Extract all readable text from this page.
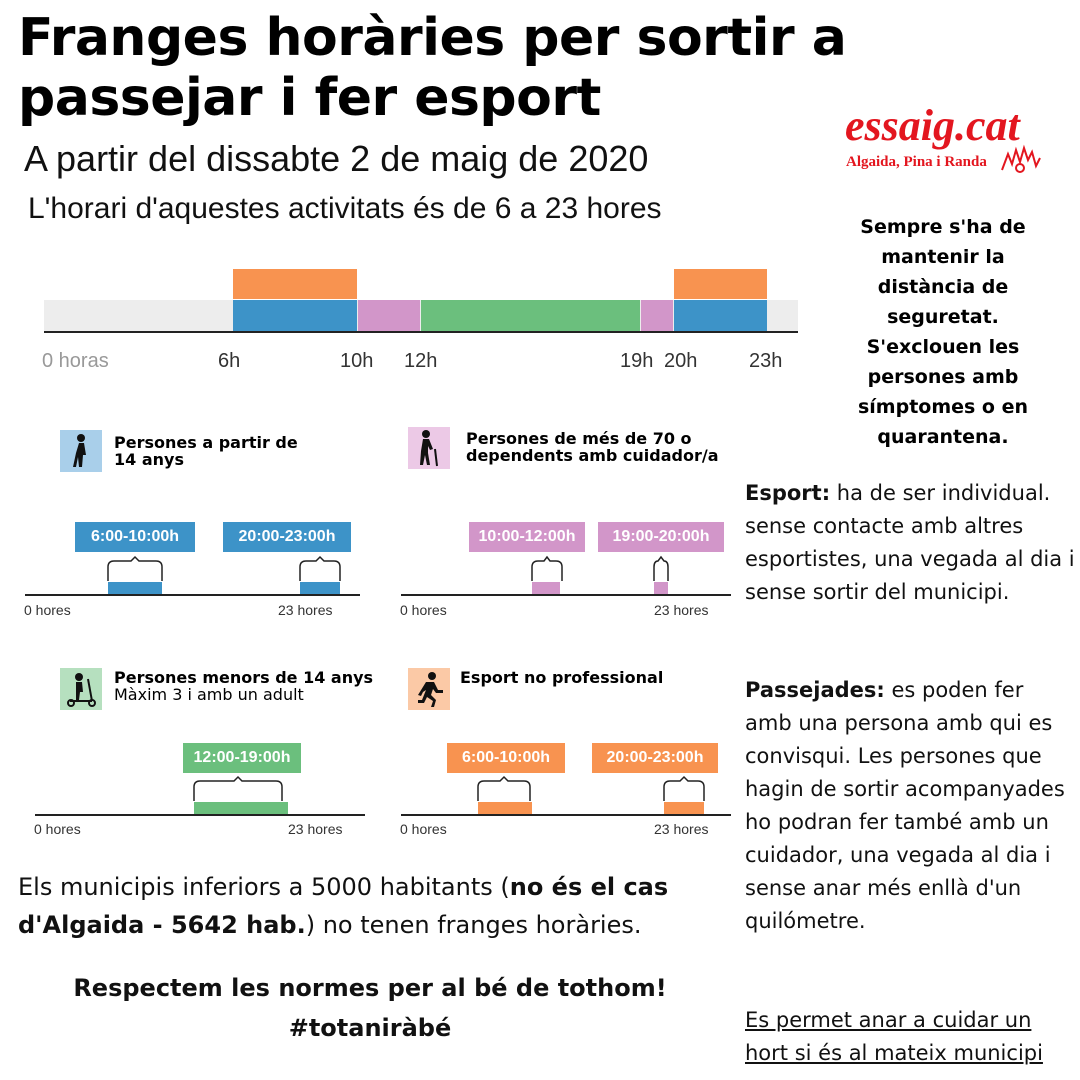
Franges horàries per sortir a
passejar i fer esport
A partir del dissabte 2 de maig de 2020
L'horari d'aquestes activitats és de 6 a 23 hores
essaig.cat
Algaida, Pina i Randa
0 horas	6h	10h 12h	19h 20h	23h
Sempre s'ha de
mantenir la
distància de
seguretat.
S'exclouen les
persones amb
símptomes o en
quarantena.
Persones a partir de
14 anys
6:00-10:00h	20:00-23:00h
0 hores	23 hores
Persones de més de 70 o
dependents amb cuidador/a
10:00-12:00h	19:00-20:00h
0 hores	23 hores
Persones menors de 14 anys
Màxim 3 i amb un adult
12:00-19:00h
0 hores	23 hores
Esport no professional
6:00-10:00h	20:00-23:00h
0 hores	23 hores
Esport: ha de ser individual. sense contacte amb altres esportistes, una vegada al dia i sense sortir del municipi.
Passejades: es poden fer amb una persona amb qui es convisqui. Les persones que hagin de sortir acompanyades ho podran fer també amb un cuidador, una vegada al dia i sense anar més enllà d'un quilómetre.
Es permet anar a cuidar un hort si és al mateix municipi
Els municipis inferiors a 5000 habitants (no és el cas d'Algaida - 5642 hab.) no tenen franges horàries.
Respectem les normes per al bé de tothom!
#totaniràbé
